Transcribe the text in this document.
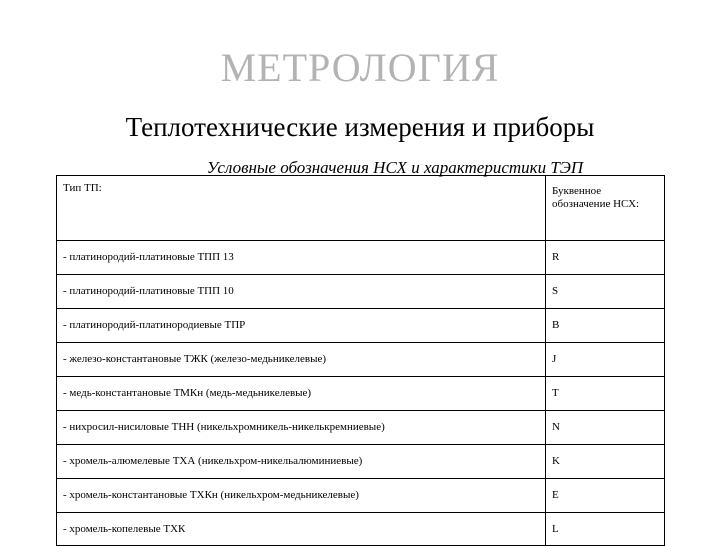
МЕТРОЛОГИЯ
Теплотехнические измерения и приборы
Условные обозначения НСХ и характеристики ТЭП
Тип ТП:	Буквенное обозначение НСХ:
- платинородий-платиновые ТПП 13	R
- платинородий-платиновые ТПП 10	S
- платинородий-платинородиевые ТПР	B
- железо-константановые ТЖК (железо-медьникелевые)	J
- медь-константановые ТМКн (медь-медьникелевые)	T
- нихросил-нисиловые ТНН (никельхромникель-никелькремниевые)	N
- хромель-алюмелевые ТХА (никельхром-никельалюминиевые)	K
- хромель-константановые ТХКн (никельхром-медьникелевые)	E
- хромель-копелевые ТХК	L
